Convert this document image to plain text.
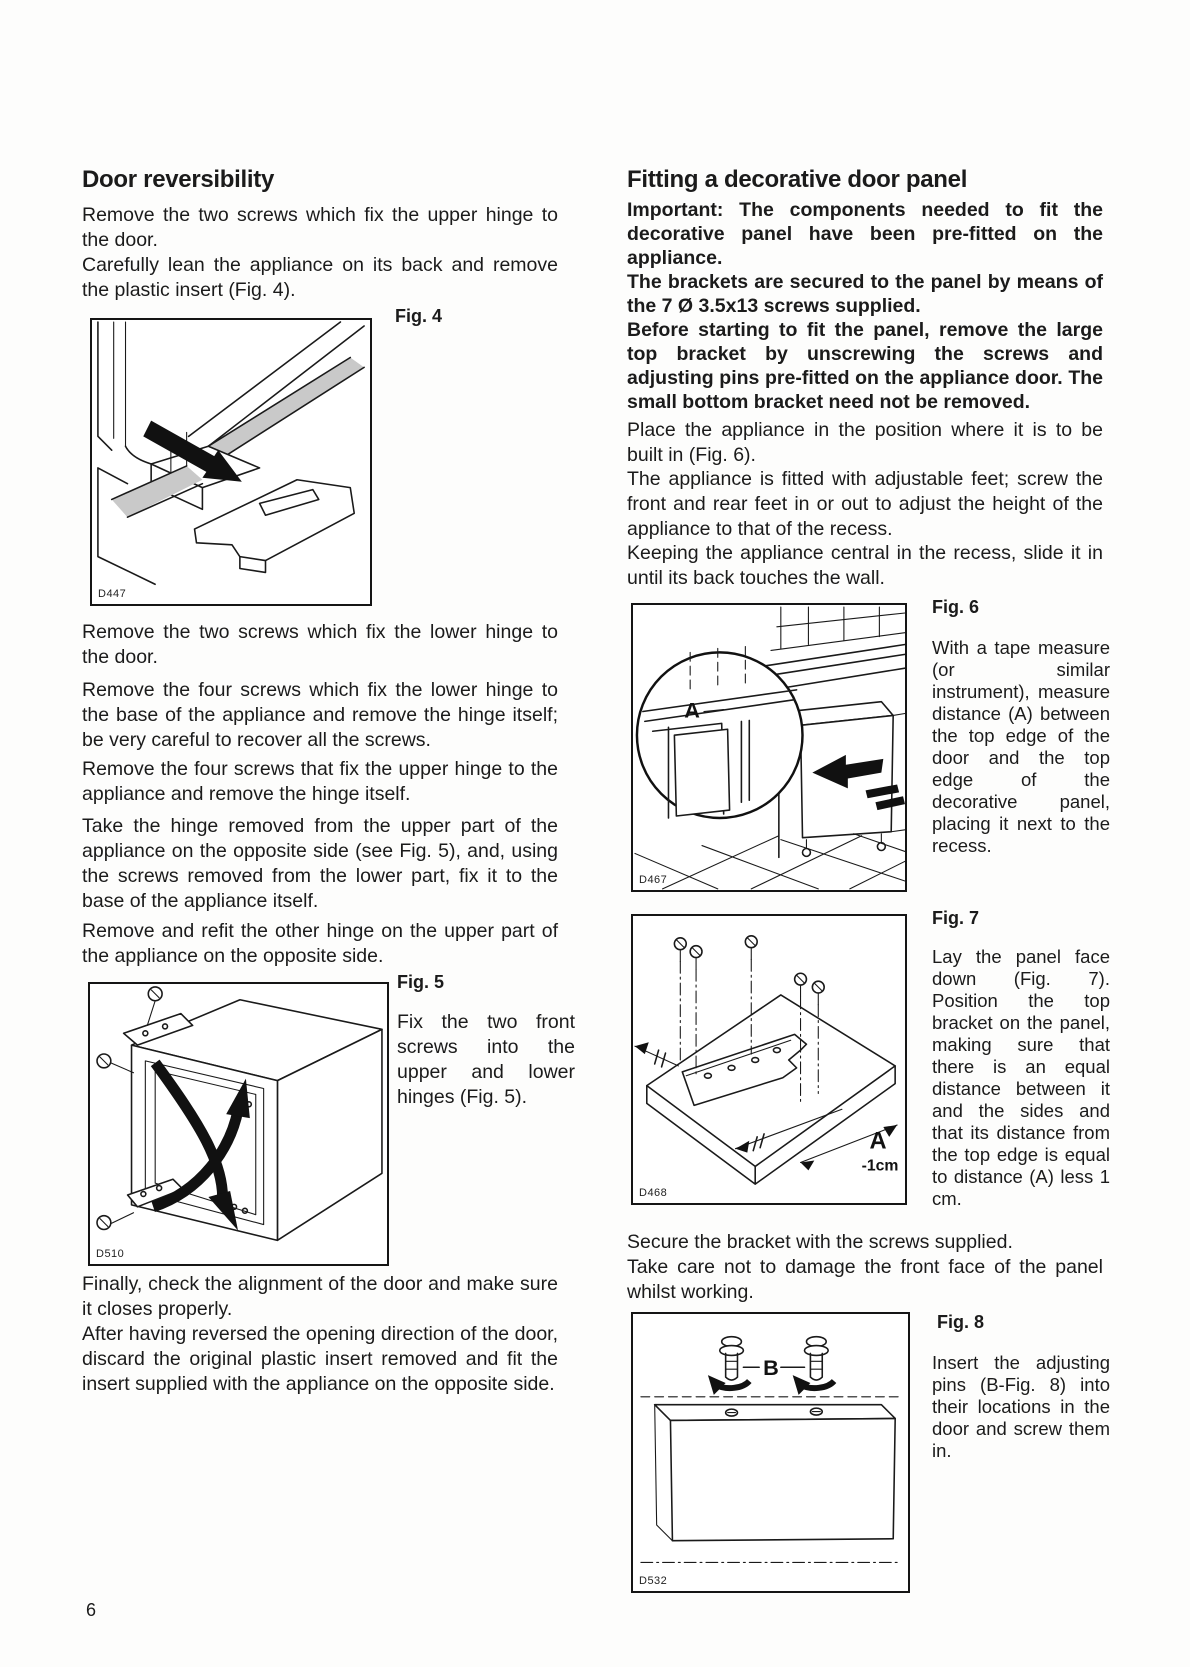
Door reversibility

Remove the two screws which fix the upper hinge to the door.

Carefully lean the appliance on its back and remove the plastic insert (Fig. 4).

D447
Fig. 4

Remove the two screws which fix the lower hinge to the door.

Remove the four screws which fix the lower hinge to the base of the appliance and remove the hinge itself; be very careful to recover all the screws.

Remove the four screws that fix the upper hinge to the appliance and remove the hinge itself.

Take the hinge removed from the upper part of the appliance on the opposite side (see Fig. 5), and, using the screws removed from the lower part, fix it to the base of the appliance itself.

Remove and refit the other hinge on the upper part of the appliance on the opposite side.

D510
Fig. 5

Fix the two front screws into the upper and lower hinges (Fig. 5).

Finally, check the alignment of the door and make sure it closes properly.

After having reversed the opening direction of the door, discard the original plastic insert removed and fit the insert supplied with the appliance on the opposite side.

Fitting a decorative door panel

Important: The components needed to fit the decorative panel have been pre-fitted on the appliance.

The brackets are secured to the panel by means of the 7 Ø 3.5x13 screws supplied.

Before starting to fit the panel, remove the large top bracket by unscrewing the screws and adjusting pins pre-fitted on the appliance door. The small bottom bracket need not be removed.

Place the appliance in the position where it is to be built in (Fig. 6).

The appliance is fitted with adjustable feet; screw the front and rear feet in or out to adjust the height of the appliance to that of the recess.

Keeping the appliance central in the recess, slide it in until its back touches the wall.

A
D467
Fig. 6

With a tape measure (or similar instrument), measure distance (A) between the top edge of the door and the top edge of the decorative panel, placing it next to the recess.

A
-1cm
D468
Fig. 7

Lay the panel face down (Fig. 7). Position the top bracket on the panel, making sure that there is an equal distance between it and the sides and that its distance from the top edge is equal to distance (A) less 1 cm.

Secure the bracket with the screws supplied.

Take care not to damage the front face of the panel whilst working.

B
D532
Fig. 8

Insert the adjusting pins (B-Fig. 8) into their locations in the door and screw them in.

6
